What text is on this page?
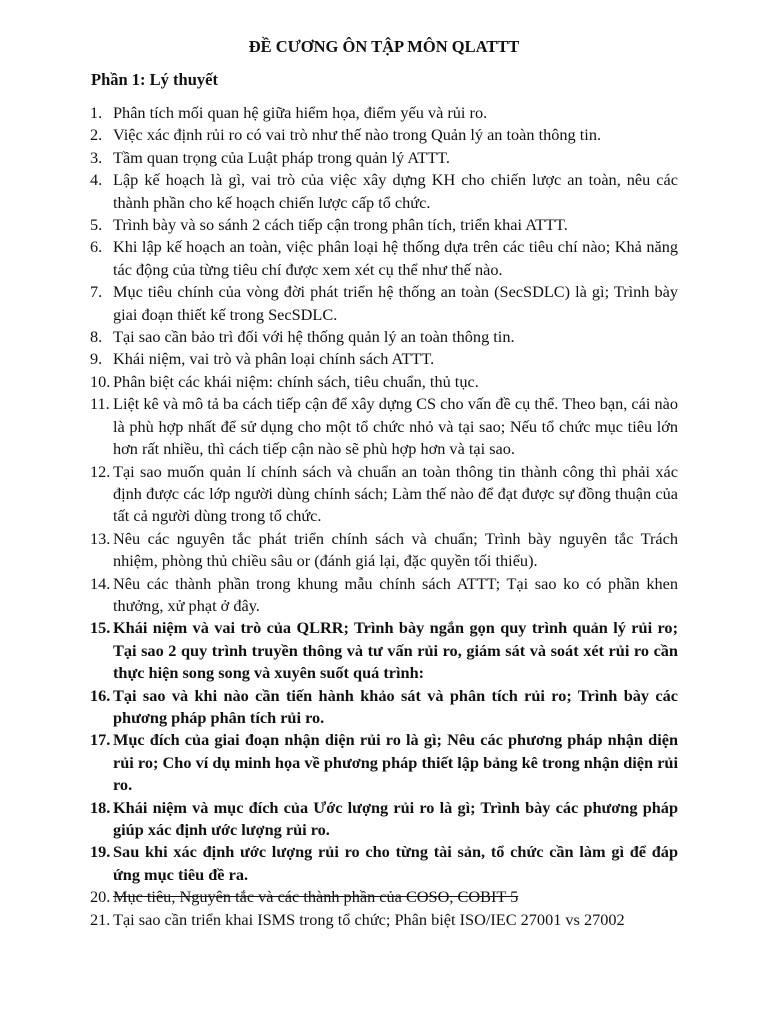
ĐỀ CƯƠNG ÔN TẬP MÔN QLATTT
Phần 1: Lý thuyết
1. Phân tích mối quan hệ giữa hiểm họa, điểm yếu và rủi ro.
2. Việc xác định rủi ro có vai trò như thế nào trong Quản lý an toàn thông tin.
3. Tầm quan trọng của Luật pháp trong quản lý ATTT.
4. Lập kế hoạch là gì, vai trò của việc xây dựng KH cho chiến lược an toàn, nêu các thành phần cho kế hoạch chiến lược cấp tổ chức.
5. Trình bày và so sánh 2 cách tiếp cận trong phân tích, triển khai ATTT.
6. Khi lập kế hoạch an toàn, việc phân loại hệ thống dựa trên các tiêu chí nào; Khả năng tác động của từng tiêu chí được xem xét cụ thể như thế nào.
7. Mục tiêu chính của vòng đời phát triển hệ thống an toàn (SecSDLC) là gì; Trình bày giai đoạn thiết kế trong SecSDLC.
8. Tại sao cần bảo trì đối với hệ thống quản lý an toàn thông tin.
9. Khái niệm, vai trò và phân loại chính sách ATTT.
10. Phân biệt các khái niệm: chính sách, tiêu chuẩn, thủ tục.
11. Liệt kê và mô tả ba cách tiếp cận để xây dựng CS cho vấn đề cụ thể. Theo bạn, cái nào là phù hợp nhất để sử dụng cho một tổ chức nhỏ và tại sao; Nếu tổ chức mục tiêu lớn hơn rất nhiều, thì cách tiếp cận nào sẽ phù hợp hơn và tại sao.
12. Tại sao muốn quản lí chính sách và chuẩn an toàn thông tin thành công thì phải xác định được các lớp người dùng chính sách; Làm thế nào để đạt được sự đồng thuận của tất cả người dùng trong tổ chức.
13. Nêu các nguyên tắc phát triển chính sách và chuẩn; Trình bày nguyên tắc Trách nhiệm, phòng thủ chiều sâu or (đánh giá lại, đặc quyền tối thiểu).
14. Nêu các thành phần trong khung mẫu chính sách ATTT; Tại sao ko có phần khen thưởng, xử phạt ở đây.
15. Khái niệm và vai trò của QLRR; Trình bày ngắn gọn quy trình quản lý rủi ro; Tại sao 2 quy trình truyền thông và tư vấn rủi ro, giám sát và soát xét rủi ro cần thực hiện song song và xuyên suốt quá trình:
16. Tại sao và khi nào cần tiến hành khảo sát và phân tích rủi ro; Trình bày các phương pháp phân tích rủi ro.
17. Mục đích của giai đoạn nhận diện rủi ro là gì; Nêu các phương pháp nhận diện rủi ro; Cho ví dụ minh họa về phương pháp thiết lập bảng kê trong nhận diện rủi ro.
18. Khái niệm và mục đích của Ước lượng rủi ro là gì; Trình bày các phương pháp giúp xác định ước lượng rủi ro.
19. Sau khi xác định ước lượng rủi ro cho từng tài sản, tổ chức cần làm gì để đáp ứng mục tiêu đề ra.
20. Mục tiêu, Nguyên tắc và các thành phần của COSO, COBIT 5
21. Tại sao cần triển khai ISMS trong tổ chức; Phân biệt ISO/IEC 27001 vs 27002
